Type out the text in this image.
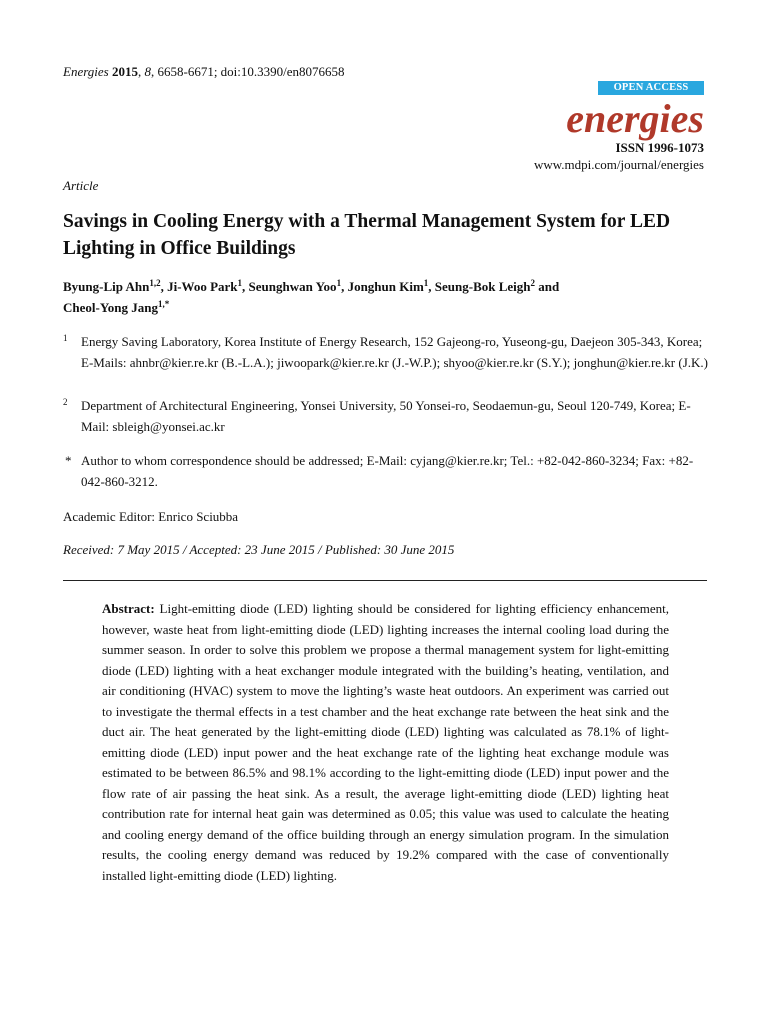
Energies 2015, 8, 6658-6671; doi:10.3390/en8076658
OPEN ACCESS
energies
ISSN 1996-1073
www.mdpi.com/journal/energies
Article
Savings in Cooling Energy with a Thermal Management System for LED Lighting in Office Buildings
Byung-Lip Ahn$^{1,2}$, Ji-Woo Park$^1$, Seunghwan Yoo$^1$, Jonghun Kim$^1$, Seung-Bok Leigh$^2$ and
Cheol-Yong Jang$^{1,*}$
1 Energy Saving Laboratory, Korea Institute of Energy Research, 152 Gajeong-ro, Yuseong-gu, Daejeon 305-343, Korea; E-Mails: ahnbr@kier.re.kr (B.-L.A.); jiwoopark@kier.re.kr (J.-W.P.); shyoo@kier.re.kr (S.Y.); jonghun@kier.re.kr (J.K.)
2 Department of Architectural Engineering, Yonsei University, 50 Yonsei-ro, Seodaemun-gu, Seoul 120-749, Korea; E-Mail: sbleigh@yonsei.ac.kr
* Author to whom correspondence should be addressed; E-Mail: cyjang@kier.re.kr; Tel.: +82-042-860-3234; Fax: +82-042-860-3212.
Academic Editor: Enrico Sciubba
Received: 7 May 2015 / Accepted: 23 June 2015 / Published: 30 June 2015
Abstract: Light-emitting diode (LED) lighting should be considered for lighting efficiency enhancement, however, waste heat from light-emitting diode (LED) lighting increases the internal cooling load during the summer season. In order to solve this problem we propose a thermal management system for light-emitting diode (LED) lighting with a heat exchanger module integrated with the building’s heating, ventilation, and air conditioning (HVAC) system to move the lighting’s waste heat outdoors. An experiment was carried out to investigate the thermal effects in a test chamber and the heat exchange rate between the heat sink and the duct air. The heat generated by the light-emitting diode (LED) lighting was calculated as 78.1% of light-emitting diode (LED) input power and the heat exchange rate of the lighting heat exchange module was estimated to be between 86.5% and 98.1% according to the light-emitting diode (LED) input power and the flow rate of air passing the heat sink. As a result, the average light-emitting diode (LED) lighting heat contribution rate for internal heat gain was determined as 0.05; this value was used to calculate the heating and cooling energy demand of the office building through an energy simulation program. In the simulation results, the cooling energy demand was reduced by 19.2% compared with the case of conventionally installed light-emitting diode (LED) lighting.
